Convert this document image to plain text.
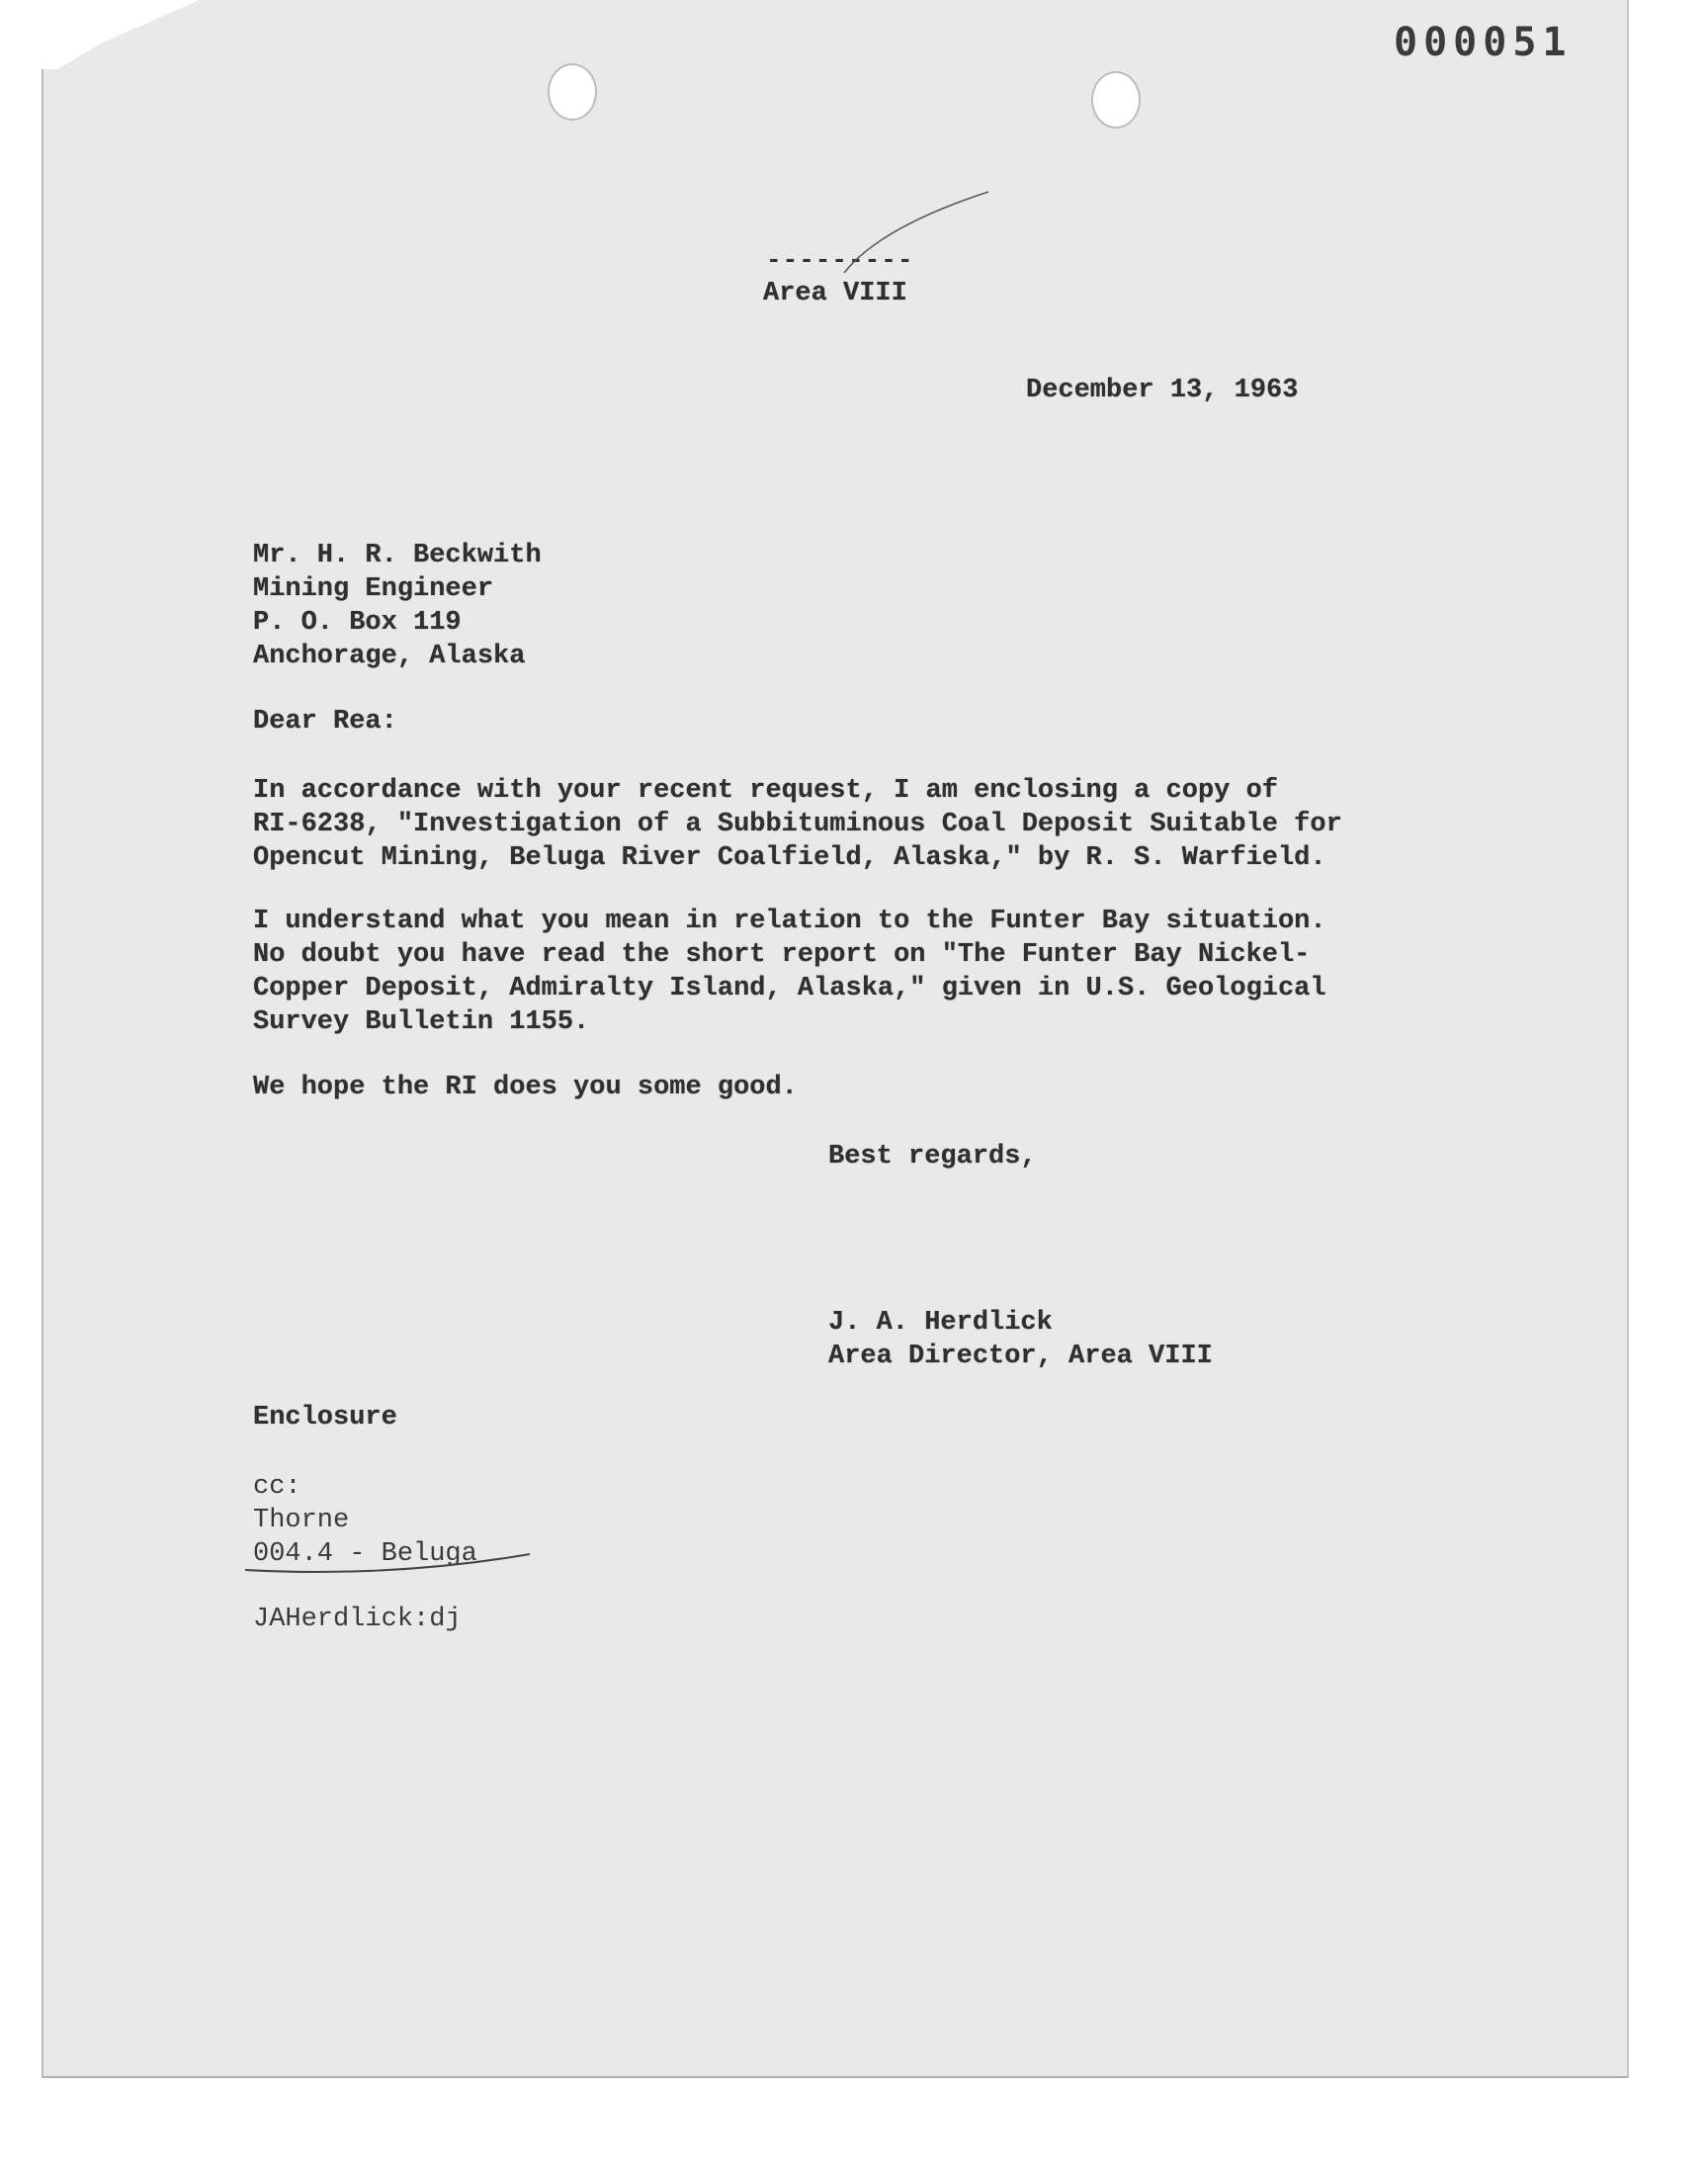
000051
---------
Area VIII
December 13, 1963
Mr. H. R. Beckwith
Mining Engineer
P. O. Box 119
Anchorage, Alaska
Dear Rea:
In accordance with your recent request, I am enclosing a copy of
RI-6238, "Investigation of a Subbituminous Coal Deposit Suitable for
Opencut Mining, Beluga River Coalfield, Alaska," by R. S. Warfield.
I understand what you mean in relation to the Funter Bay situation.
No doubt you have read the short report on "The Funter Bay Nickel-
Copper Deposit, Admiralty Island, Alaska," given in U.S. Geological
Survey Bulletin 1155.
We hope the RI does you some good.
Best regards,
J. A. Herdlick
Area Director, Area VIII
Enclosure
cc:
Thorne
004.4 - Beluga
JAHerdlick:dj
